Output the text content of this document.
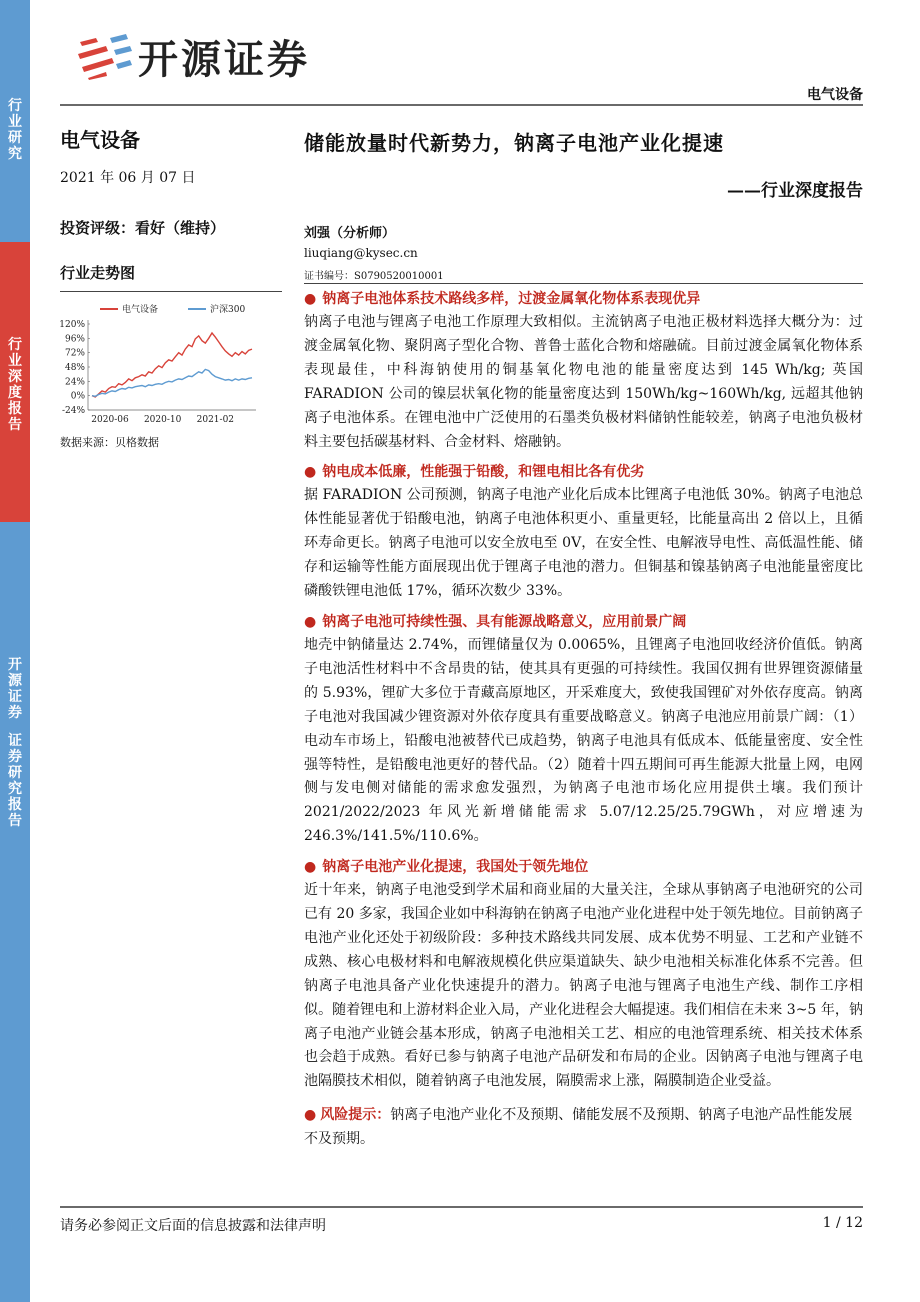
行
业
研
究
行
业
深
度
报
告
开
源
证
券
证
券
研
究
报
告
开源证券
电气设备
电气设备
2021 年 06 月 07 日
投资评级：看好（维持）
行业走势图
电气设备	沪深300
120%
96%
72%
48%
24%
0%
-24%
2020-06 2020-10 2021-02
数据来源：贝格数据
储能放量时代新势力，钠离子电池产业化提速
——行业深度报告
刘强（分析师）
liuqiang@kysec.cn
证书编号：S0790520010001
● 钠离子电池体系技术路线多样，过渡金属氧化物体系表现优异
钠离子电池与锂离子电池工作原理大致相似。主流钠离子电池正极材料选择大概分为：过渡金属氧化物、聚阴离子型化合物、普鲁士蓝化合物和熔融硫。目前过渡金属氧化物体系表现最佳，中科海钠使用的铜基氧化物电池的能量密度达到 145 Wh/kg; 英国 FARADION 公司的镍层状氧化物的能量密度达到 150Wh/kg~160Wh/kg, 远超其他钠离子电池体系。在锂电池中广泛使用的石墨类负极材料储钠性能较差，钠离子电池负极材料主要包括碳基材料、合金材料、熔融钠。
● 钠电成本低廉，性能强于铅酸，和锂电相比各有优劣
据 FARADION 公司预测，钠离子电池产业化后成本比锂离子电池低 30%。钠离子电池总体性能显著优于铅酸电池，钠离子电池体积更小、重量更轻，比能量高出 2 倍以上，且循环寿命更长。钠离子电池可以安全放电至 0V，在安全性、电解液导电性、高低温性能、储存和运输等性能方面展现出优于锂离子电池的潜力。但铜基和镍基钠离子电池能量密度比磷酸铁锂电池低 17%，循环次数少 33%。
● 钠离子电池可持续性强、具有能源战略意义，应用前景广阔
地壳中钠储量达 2.74%，而锂储量仅为 0.0065%，且锂离子电池回收经济价值低。钠离子电池活性材料中不含昂贵的钴，使其具有更强的可持续性。我国仅拥有世界锂资源储量的 5.93%，锂矿大多位于青藏高原地区，开采难度大，致使我国锂矿对外依存度高。钠离子电池对我国减少锂资源对外依存度具有重要战略意义。钠离子电池应用前景广阔：（1）电动车市场上，铅酸电池被替代已成趋势，钠离子电池具有低成本、低能量密度、安全性强等特性，是铅酸电池更好的替代品。（2）随着十四五期间可再生能源大批量上网，电网侧与发电侧对储能的需求愈发强烈，为钠离子电池市场化应用提供土壤。我们预计 2021/2022/2023 年风光新增储能需求 5.07/12.25/25.79GWh，对应增速为 246.3%/141.5%/110.6%。
● 钠离子电池产业化提速，我国处于领先地位
近十年来，钠离子电池受到学术届和商业届的大量关注，全球从事钠离子电池研究的公司已有 20 多家，我国企业如中科海钠在钠离子电池产业化进程中处于领先地位。目前钠离子电池产业化还处于初级阶段：多种技术路线共同发展、成本优势不明显、工艺和产业链不成熟、核心电极材料和电解液规模化供应渠道缺失、缺少电池相关标准化体系不完善。但钠离子电池具备产业化快速提升的潜力。钠离子电池与锂离子电池生产线、制作工序相似。随着锂电和上游材料企业入局，产业化进程会大幅提速。我们相信在未来 3~5 年，钠离子电池产业链会基本形成，钠离子电池相关工艺、相应的电池管理系统、相关技术体系也会趋于成熟。看好已参与钠离子电池产品研发和布局的企业。因钠离子电池与锂离子电池隔膜技术相似，随着钠离子电池发展，隔膜需求上涨，隔膜制造企业受益。
● 风险提示：钠离子电池产业化不及预期、储能发展不及预期、钠离子电池产品性能发展不及预期。
请务必参阅正文后面的信息披露和法律声明	1 / 12
